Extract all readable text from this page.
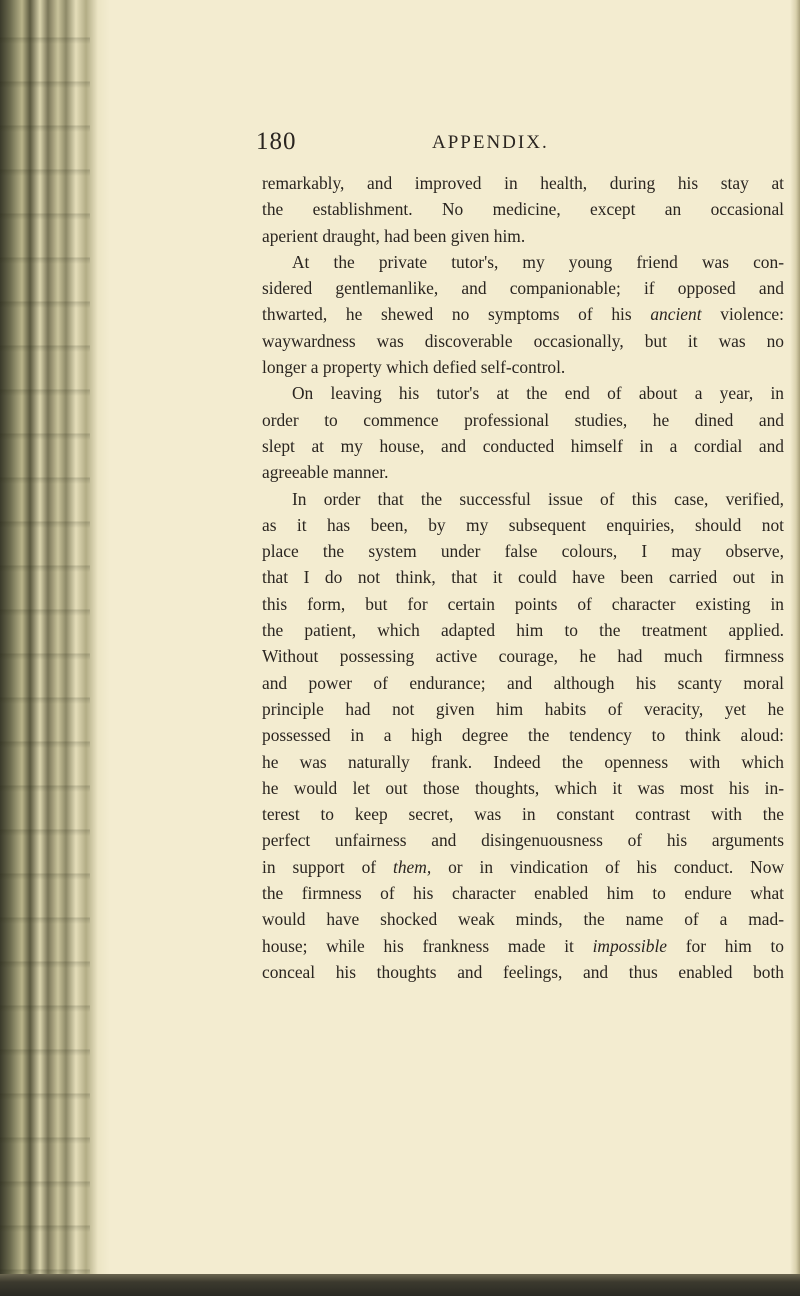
180	APPENDIX.
remarkably, and improved in health, during his stay at
the establishment. No medicine, except an occasional
aperient draught, had been given him.
At the private tutor's, my young friend was con-
sidered gentlemanlike, and companionable; if opposed and
thwarted, he shewed no symptoms of his ancient violence:
waywardness was discoverable occasionally, but it was no
longer a property which defied self-control.
On leaving his tutor's at the end of about a year, in
order to commence professional studies, he dined and
slept at my house, and conducted himself in a cordial and
agreeable manner.
In order that the successful issue of this case, verified,
as it has been, by my subsequent enquiries, should not
place the system under false colours, I may observe,
that I do not think, that it could have been carried out in
this form, but for certain points of character existing in
the patient, which adapted him to the treatment applied.
Without possessing active courage, he had much firmness
and power of endurance; and although his scanty moral
principle had not given him habits of veracity, yet he
possessed in a high degree the tendency to think aloud:
he was naturally frank. Indeed the openness with which
he would let out those thoughts, which it was most his in-
terest to keep secret, was in constant contrast with the
perfect unfairness and disingenuousness of his arguments
in support of them, or in vindication of his conduct. Now
the firmness of his character enabled him to endure what
would have shocked weak minds, the name of a mad-
house; while his frankness made it impossible for him to
conceal his thoughts and feelings, and thus enabled both
